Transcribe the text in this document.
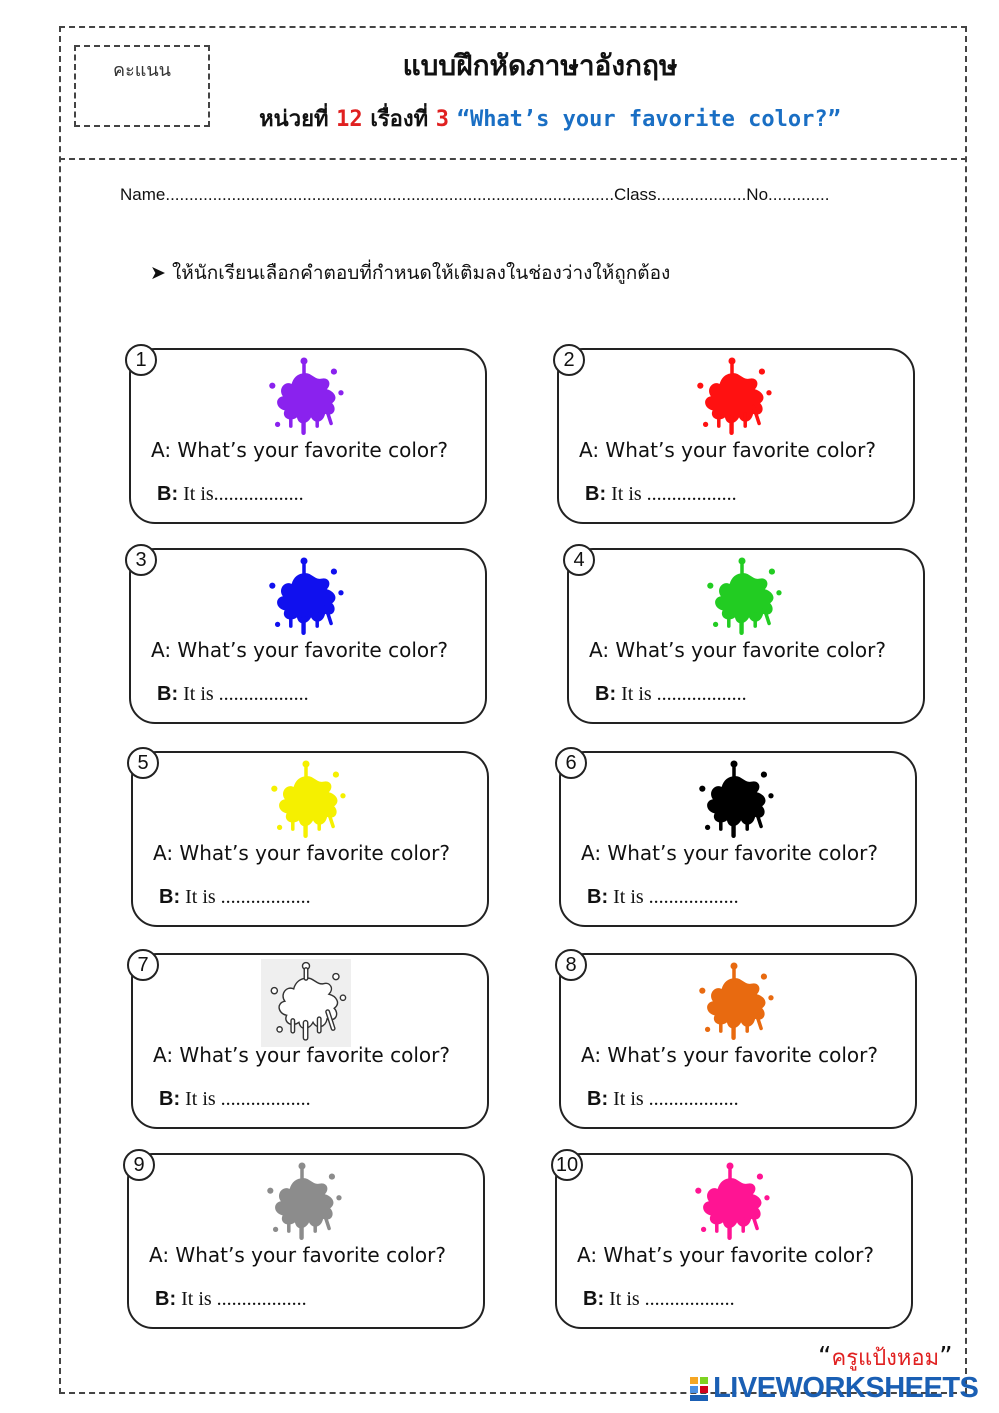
คะแนน	แบบฝึกหัดภาษาอังกฤษ
หน่วยที่ 12 เรื่องที่ 3 “What’s your favorite color?”
Name...............................................................................................Class...................No.............
➤ ให้นักเรียนเลือกคำตอบที่กำหนดให้เติมลงในช่องว่างให้ถูกต้อง
1
A: What’s your favorite color?
B: It is..................
2
A: What’s your favorite color?
B: It is ..................
3
A: What’s your favorite color?
B: It is ..................
4
A: What’s your favorite color?
B: It is ..................
5
A: What’s your favorite color?
B: It is ..................
6
A: What’s your favorite color?
B: It is ..................
7
A: What’s your favorite color?
B: It is ..................
8
A: What’s your favorite color?
B: It is ..................
9
A: What’s your favorite color?
B: It is ..................
10
A: What’s your favorite color?
B: It is ..................
“ครูแป้งหอม”
LIVEWORKSHEETS
